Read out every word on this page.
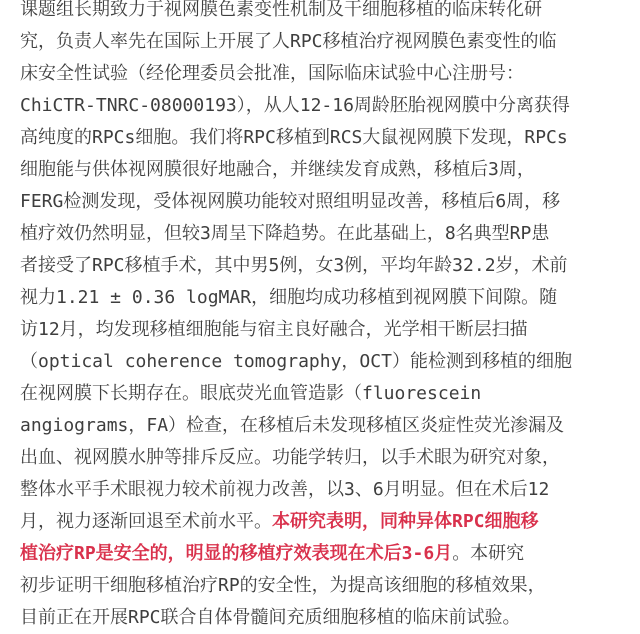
课题组长期致力于视网膜色素变性机制及干细胞移植的临床转化研
究，负责人率先在国际上开展了人RPC移植治疗视网膜色素变性的临
床安全性试验（经伦理委员会批准，国际临床试验中心注册号：
ChiCTR-TNRC-08000193），从人12-16周龄胚胎视网膜中分离获得
高纯度的RPCs细胞。我们将RPC移植到RCS大鼠视网膜下发现，RPCs
细胞能与供体视网膜很好地融合，并继续发育成熟，移植后3周，
FERG检测发现，受体视网膜功能较对照组明显改善，移植后6周，移
植疗效仍然明显，但较3周呈下降趋势。在此基础上，8名典型RP患
者接受了RPC移植手术，其中男5例，女3例，平均年龄32.2岁，术前
视力1.21 ± 0.36 logMAR，细胞均成功移植到视网膜下间隙。随
访12月，均发现移植细胞能与宿主良好融合，光学相干断层扫描
（optical coherence tomography，OCT）能检测到移植的细胞
在视网膜下长期存在。眼底荧光血管造影（fluorescein
angiograms，FA）检查，在移植后未发现移植区炎症性荧光渗漏及
出血、视网膜水肿等排斥反应。功能学转归，以手术眼为研究对象，
整体水平手术眼视力较术前视力改善，以3、6月明显。但在术后12
月，视力逐渐回退至术前水平。本研究表明，同种异体RPC细胞移
植治疗RP是安全的，明显的移植疗效表现在术后3-6月。本研究
初步证明干细胞移植治疗RP的安全性，为提高该细胞的移植效果，
目前正在开展RPC联合自体骨髓间充质细胞移植的临床前试验。
